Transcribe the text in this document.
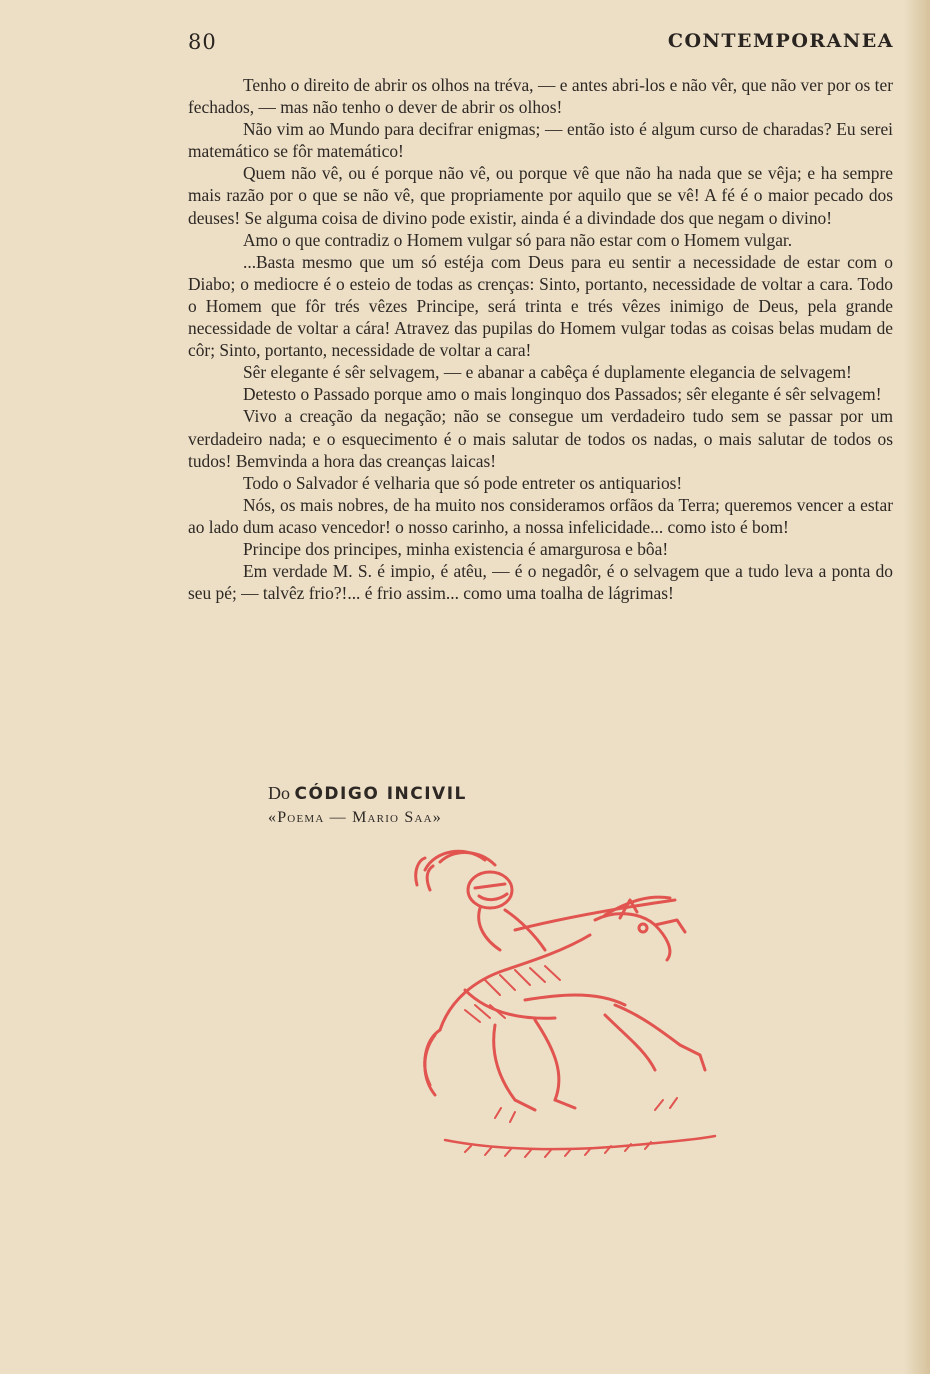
80	CONTEMPORANEA

Tenho o direito de abrir os olhos na tréva, — e antes abri-los e não vêr, que não ver por os ter fechados, — mas não tenho o dever de abrir os olhos!

Não vim ao Mundo para decifrar enigmas; — então isto é algum curso de charadas? Eu serei matemático se fôr matemático!

Quem não vê, ou é porque não vê, ou porque vê que não ha nada que se vêja; e ha sempre mais razão por o que se não vê, que propriamente por aquilo que se vê! A fé é o maior pecado dos deuses! Se alguma coisa de divino pode existir, ainda é a divindade dos que negam o divino!

Amo o que contradiz o Homem vulgar só para não estar com o Homem vulgar.

...Basta mesmo que um só estéja com Deus para eu sentir a necessidade de estar com o Diabo; o mediocre é o esteio de todas as crenças: Sinto, portanto, necessidade de voltar a cara. Todo o Homem que fôr trés vêzes Principe, será trinta e trés vêzes inimigo de Deus, pela grande necessidade de voltar a cára! Atravez das pupilas do Homem vulgar todas as coisas belas mudam de côr; Sinto, portanto, necessidade de voltar a cara!

Sêr elegante é sêr selvagem, — e abanar a cabêça é duplamente elegancia de selvagem!

Detesto o Passado porque amo o mais longinquo dos Passados; sêr elegante é sêr selvagem!

Vivo a creação da negação; não se consegue um verdadeiro tudo sem se passar por um verdadeiro nada; e o esquecimento é o mais salutar de todos os nadas, o mais salutar de todos os tudos! Bemvinda a hora das creanças laicas!

Todo o Salvador é velharia que só pode entreter os antiquarios!

Nós, os mais nobres, de ha muito nos consideramos orfãos da Terra; queremos vencer a estar ao lado dum acaso vencedor! o nosso carinho, a nossa infelicidade... como isto é bom!

Principe dos principes, minha existencia é amargurosa e bôa!

Em verdade M. S. é impio, é atêu, — é o negadôr, é o selvagem que a tudo leva a ponta do seu pé; — talvêz frio?!... é frio assim... como uma toalha de lágrimas!

Do CÓDIGO INCIVIL
«Poema — Mario Saa»
